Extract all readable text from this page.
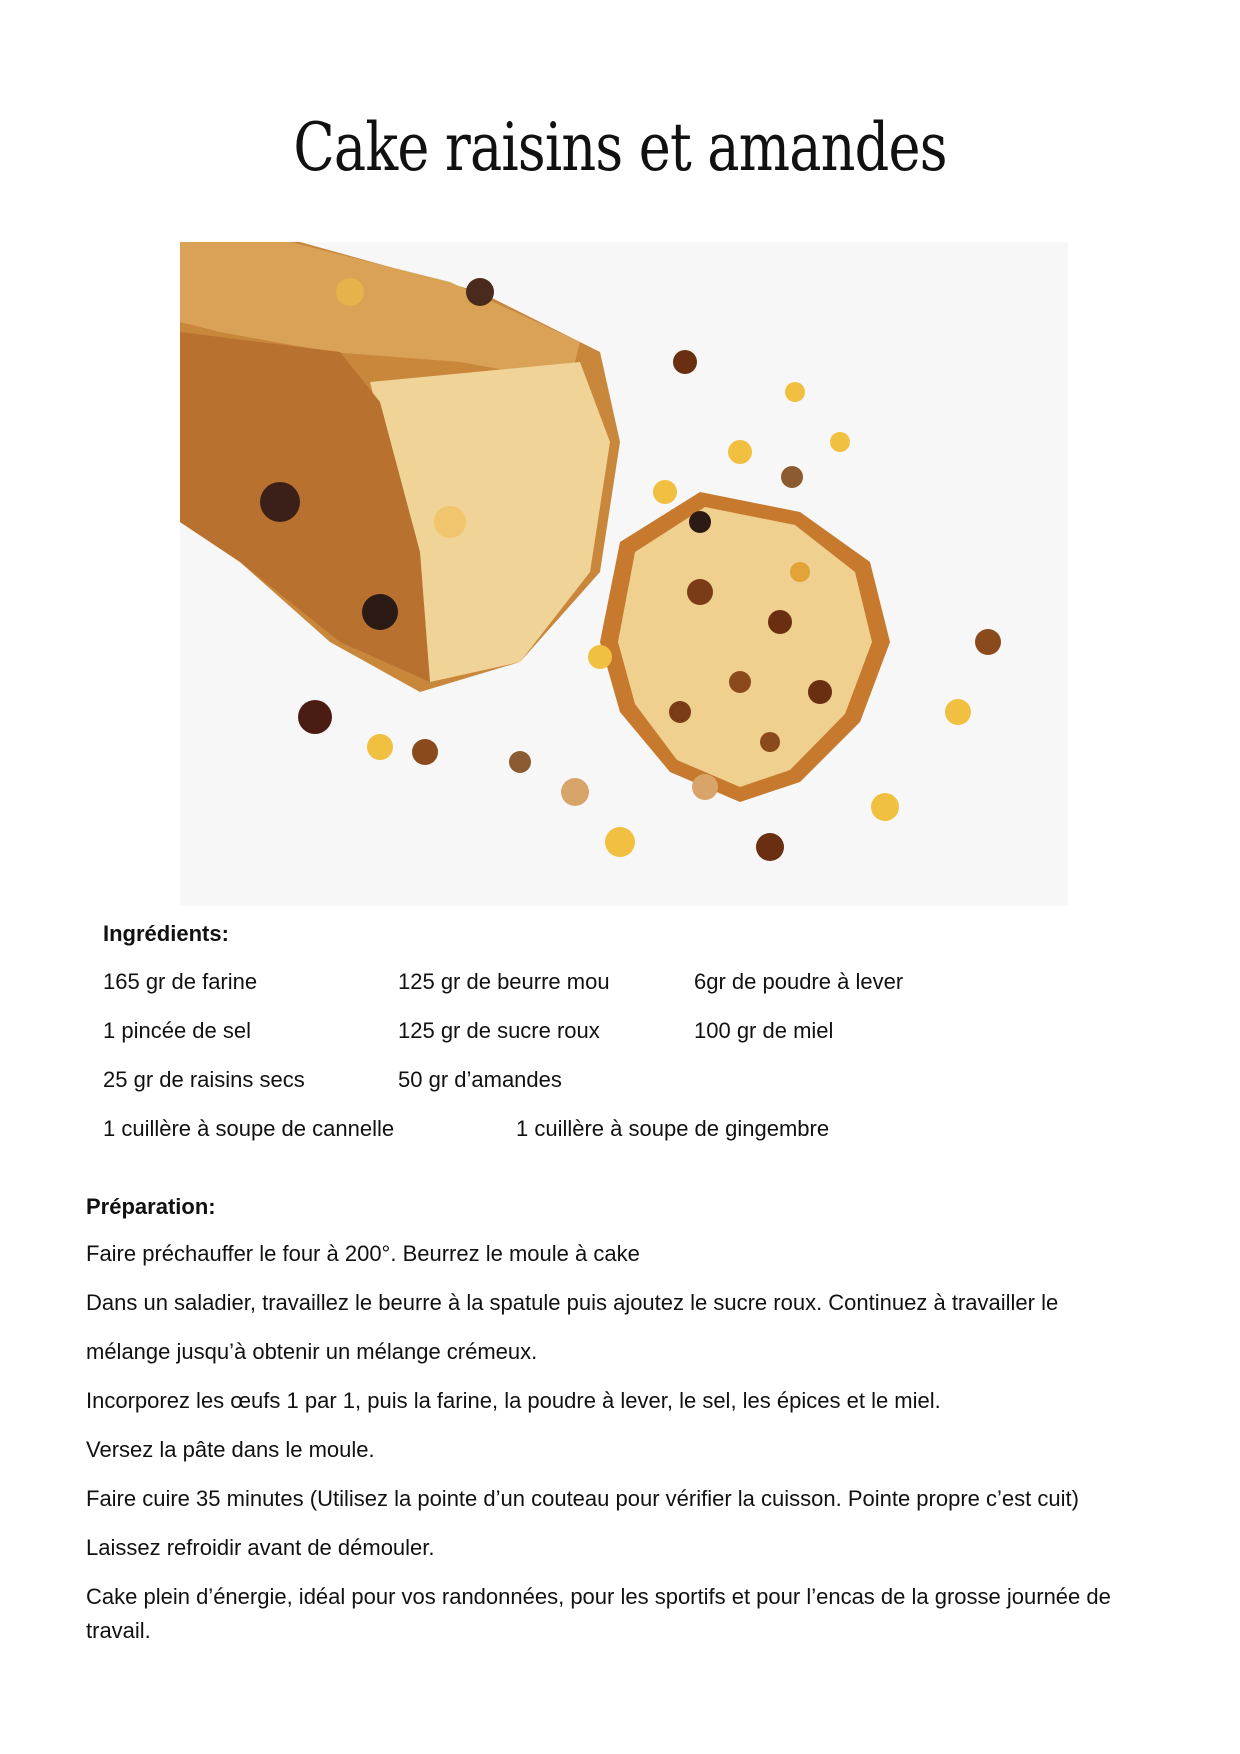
Cake raisins et amandes
Ingrédients:
165 gr de farine	125 gr de beurre mou	6gr de poudre à lever
1 pincée de sel	125 gr de sucre roux	100 gr de miel
25 gr de raisins secs	50 gr d’amandes
1 cuillère à soupe de cannelle	1 cuillère à soupe de gingembre
Préparation:
Faire préchauffer le four à 200°. Beurrez le moule à cake
Dans un saladier, travaillez le beurre à la spatule puis ajoutez le sucre roux. Continuez à travailler le
mélange jusqu’à obtenir un mélange crémeux.
Incorporez les œufs 1 par 1, puis la farine, la poudre à lever, le sel, les épices et le miel.
Versez la pâte dans le moule.
Faire cuire 35 minutes (Utilisez la pointe d’un couteau pour vérifier la cuisson. Pointe propre c’est cuit)
Laissez refroidir avant de démouler.
Cake plein d’énergie, idéal pour vos randonnées, pour les sportifs et pour l’encas de la grosse journée de travail.
